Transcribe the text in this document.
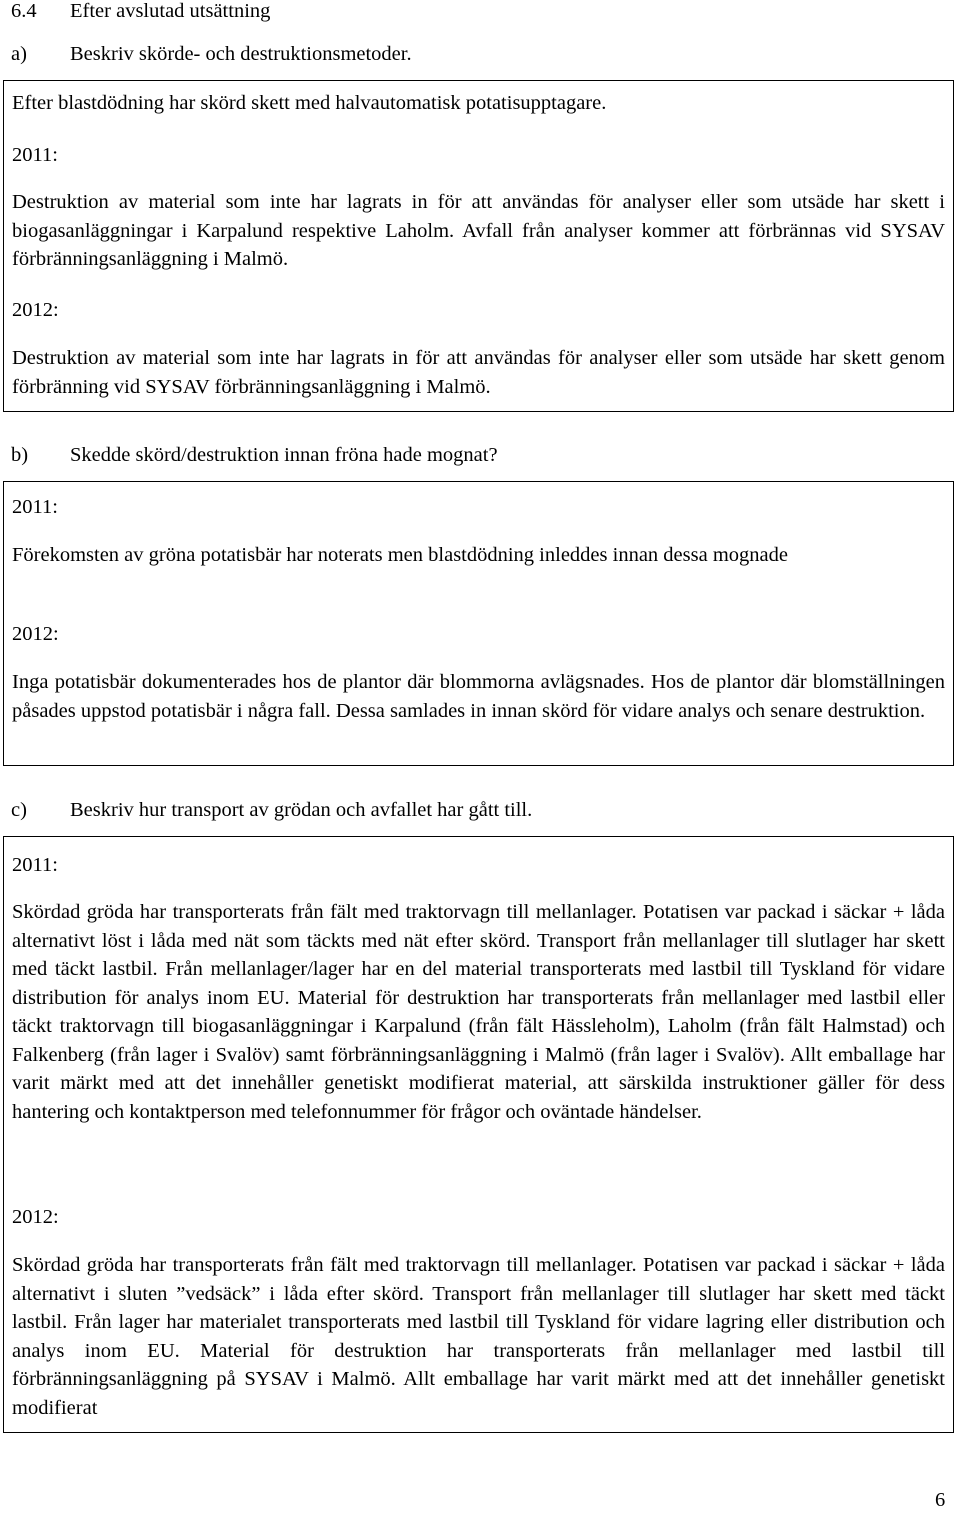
6.4 Efter avslutad utsättning
a) Beskriv skörde- och destruktionsmetoder.
Efter blastdödning har skörd skett med halvautomatisk potatisupptagare.
2011:

Destruktion av material som inte har lagrats in för att användas för analyser eller som utsäde har skett i biogasanläggningar i Karpalund respektive Laholm. Avfall från analyser kommer att förbrännas vid SYSAV förbränningsanläggning i Malmö.

2012:

Destruktion av material som inte har lagrats in för att användas för analyser eller som utsäde har skett genom förbränning vid SYSAV förbränningsanläggning i Malmö.

b) Skedde skörd/destruktion innan fröna hade mognat?
2011:

Förekomsten av gröna potatisbär har noterats men blastdödning inleddes innan dessa mognade

2012:

Inga potatisbär dokumenterades hos de plantor där blommorna avlägsnades. Hos de plantor där blomställningen påsades uppstod potatisbär i några fall. Dessa samlades in innan skörd för vidare analys och senare destruktion.

c) Beskriv hur transport av grödan och avfallet har gått till.
2011:

Skördad gröda har transporterats från fält med traktorvagn till mellanlager. Potatisen var packad i säckar + låda alternativt löst i låda med nät som täckts med nät efter skörd. Transport från mellanlager till slutlager har skett med täckt lastbil. Från mellanlager/lager har en del material transporterats med lastbil till Tyskland för vidare distribution för analys inom EU. Material för destruktion har transporterats från mellanlager med lastbil eller täckt traktorvagn till biogasanläggningar i Karpalund (från fält Hässleholm), Laholm (från fält Halmstad) och Falkenberg (från lager i Svalöv) samt förbränningsanläggning i Malmö (från lager i Svalöv). Allt emballage har varit märkt med att det innehåller genetiskt modifierat material, att särskilda instruktioner gäller för dess hantering och kontaktperson med telefonnummer för frågor och oväntade händelser.

2012:

Skördad gröda har transporterats från fält med traktorvagn till mellanlager. Potatisen var packad i säckar + låda alternativt i sluten ”vedsäck” i låda efter skörd. Transport från mellanlager till slutlager har skett med täckt lastbil. Från lager har materialet transporterats med lastbil till Tyskland för vidare lagring eller distribution och analys inom EU. Material för destruktion har transporterats från mellanlager med lastbil till förbränningsanläggning på SYSAV i Malmö. Allt emballage har varit märkt med att det innehåller genetiskt modifierat

6
